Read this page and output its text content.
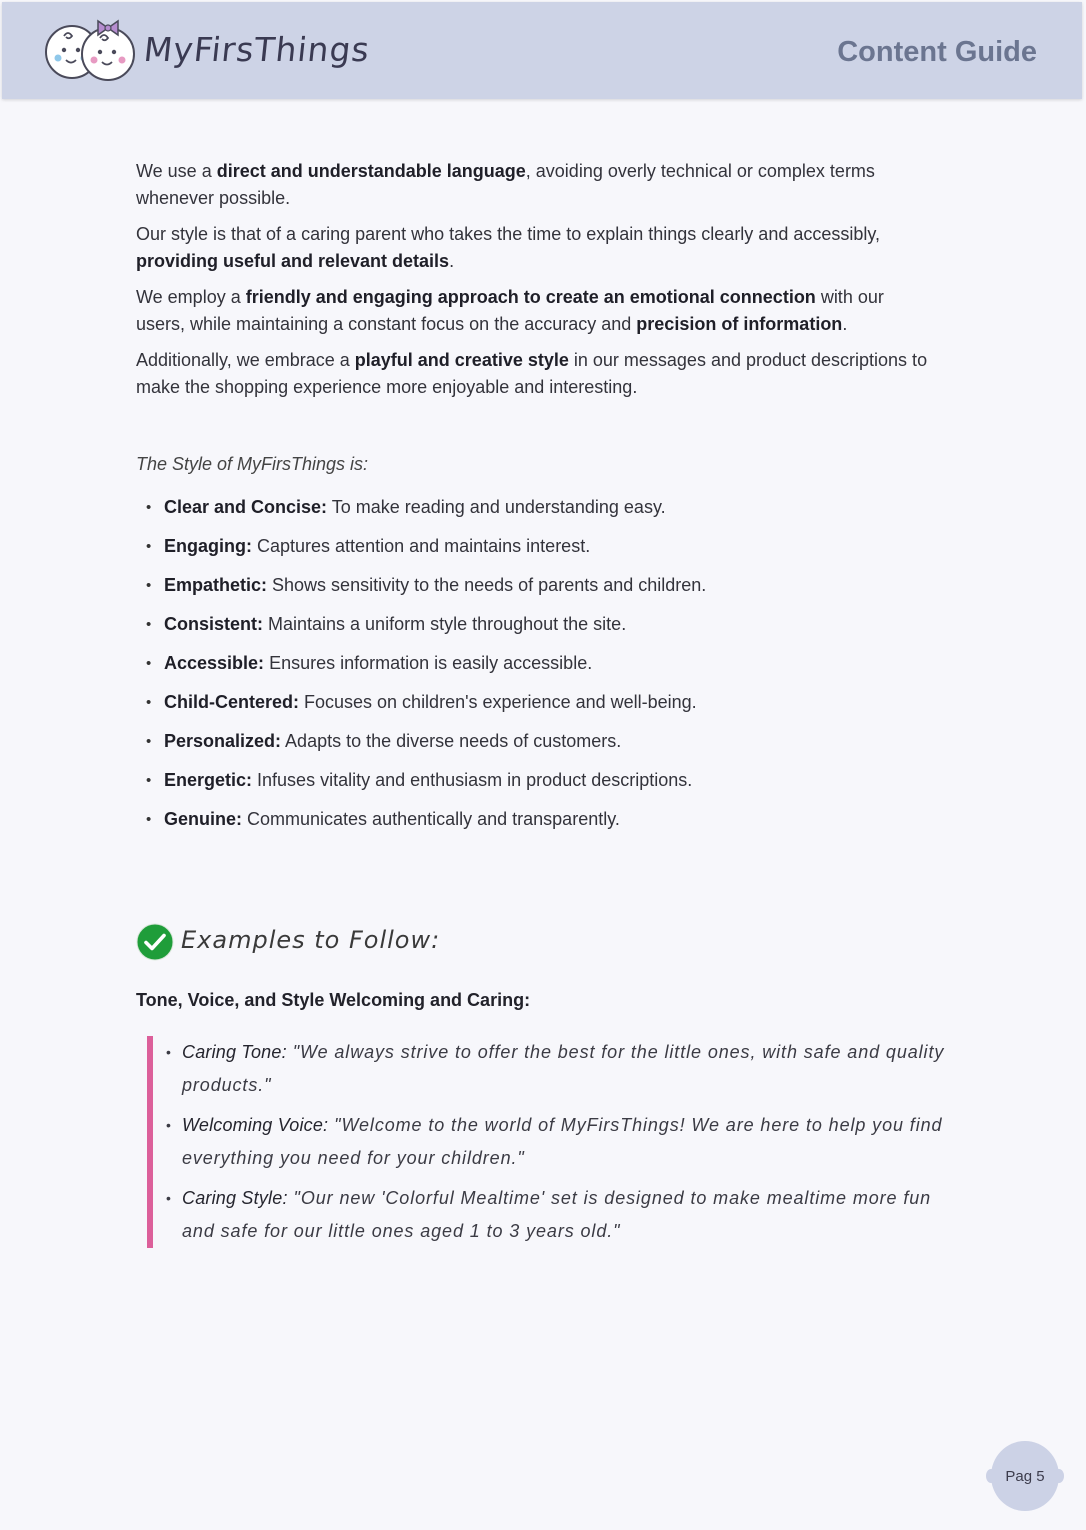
MyFirsThings	Content Guide

We use a direct and understandable language, avoiding overly technical or complex terms whenever possible.

Our style is that of a caring parent who takes the time to explain things clearly and accessibly, providing useful and relevant details.

We employ a friendly and engaging approach to create an emotional connection with our users, while maintaining a constant focus on the accuracy and precision of information.

Additionally, we embrace a playful and creative style in our messages and product descriptions to make the shopping experience more enjoyable and interesting.

The Style of MyFirsThings is:
• Clear and Concise: To make reading and understanding easy.
• Engaging: Captures attention and maintains interest.
• Empathetic: Shows sensitivity to the needs of parents and children.
• Consistent: Maintains a uniform style throughout the site.
• Accessible: Ensures information is easily accessible.
• Child-Centered: Focuses on children's experience and well-being.
• Personalized: Adapts to the diverse needs of customers.
• Energetic: Infuses vitality and enthusiasm in product descriptions.
• Genuine: Communicates authentically and transparently.
Examples to Follow:
Tone, Voice, and Style Welcoming and Caring:
• Caring Tone: "We always strive to offer the best for the little ones, with safe and quality products."
• Welcoming Voice: "Welcome to the world of MyFirsThings! We are here to help you find everything you need for your children."
• Caring Style: "Our new 'Colorful Mealtime' set is designed to make mealtime more fun and safe for our little ones aged 1 to 3 years old."
Pag 5
